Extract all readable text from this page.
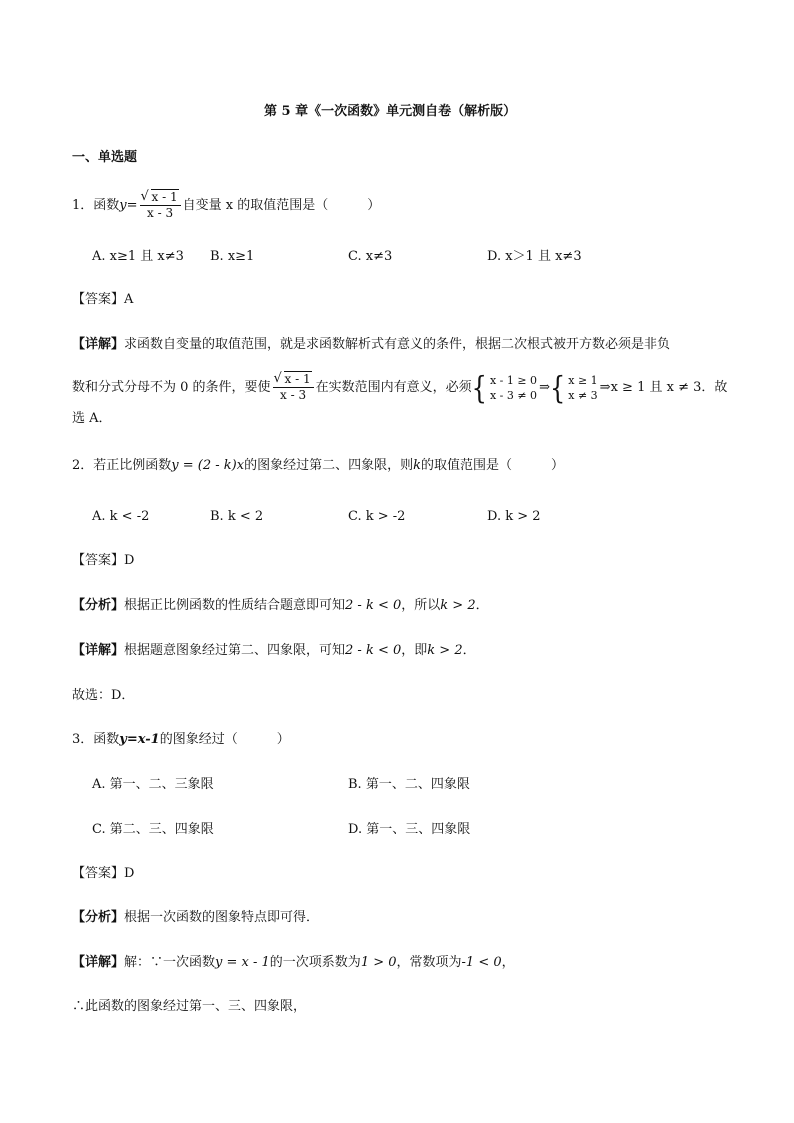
第 5 章《一次函数》单元测自卷（解析版）
一、单选题
1．函数y= √ $\frac{x - 1}{x - 3}$ 自变量 x 的取值范围是（　　　）
A. x≥1 且 x≠3 B. x≥1	C. x≠3	D. x＞1 且 x≠3
【答案】A
【详解】求函数自变量的取值范围，就是求函数解析式有意义的条件，根据二次根式被开方数必须是非负
数和分式分母不为 0 的条件，要使 √ $\frac{x - 1}{x - 3}$ 在实数范围内有意义，必须{ x - 1 ≥ 0
x - 3 ≠ 0 ⇒{ x ≥ 1
x ≠ 3 ⇒x ≥ 1 且 x ≠ 3．故
选 A．
2．若正比例函数y = (2 - k)x的图象经过第二、四象限，则k的取值范围是（　　　）
A. k < -2	B. k < 2	C. k > -2	D. k > 2
【答案】D
【分析】根据正比例函数的性质结合题意即可知2 - k < 0，所以k > 2．
【详解】根据题意图象经过第二、四象限，可知2 - k < 0，即k > 2．
故选：D．
3．函数y=x-1的图象经过（　　　）
A. 第一、二、三象限	B. 第一、二、四象限
C. 第二、三、四象限	D. 第一、三、四象限
【答案】D
【分析】根据一次函数的图象特点即可得．
【详解】解：∵一次函数y = x - 1的一次项系数为1 > 0，常数项为-1 < 0，
∴此函数的图象经过第一、三、四象限，
